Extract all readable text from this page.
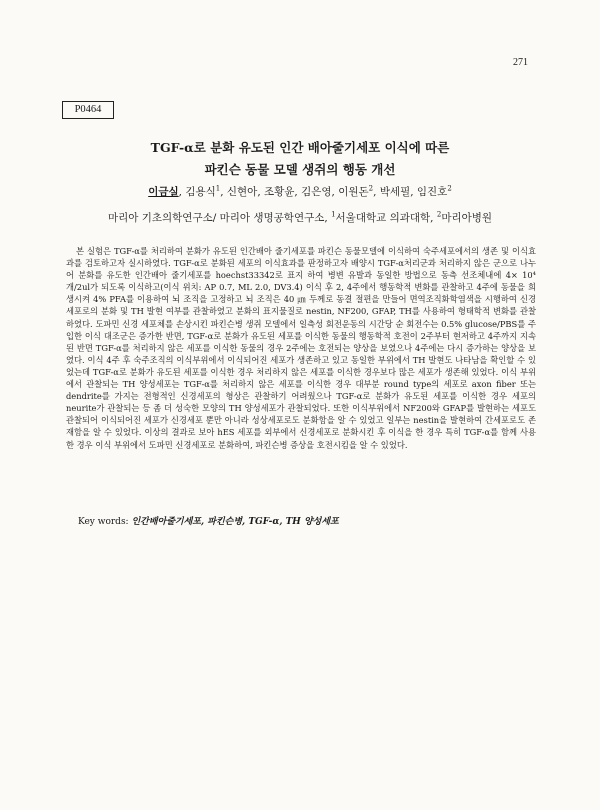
271
P0464
TGF-α로 분화 유도된 인간 배아줄기세포 이식에 따른
파킨슨 동물 모델 생쥐의 행동 개선
이금실, 김용식$^1$, 신현아, 조황윤, 김은영, 이원돈$^2$, 박세필, 임진호$^2$
마리아 기초의학연구소/ 마리아 생명공학연구소, $^1$서울대학교 의과대학, $^2$마리아병원
본 실험은 TGF-α를 처리하여 분화가 유도된 인간배아 줄기세포를 파킨슨 동물모델에 이식하여 숙주세포에서의 생존 및 이식효과를 검토하고자 실시하였다. TGF-α로 분화된 세포의 이식효과를 판정하고자 배양시 TGF-α처리군과 처리하지 않은 군으로 나누어 분화를 유도한 인간배아 줄기세포를 hoechst33342로 표지 하여 병변 유발과 동일한 방법으로 동측 선조체내에 4× 10⁴ 개/2ul가 되도록 이식하고(이식 위치: AP 0.7, ML 2.0, DV3.4) 이식 후 2, 4주에서 행동학적 변화를 관찰하고 4주에 동물을 희생시켜 4% PFA를 이용하여 뇌 조직을 고정하고 뇌 조직은 40 ㎛ 두께로 동결 절편을 만들어 면역조직화학염색을 시행하여 신경세포로의 분화 및 TH 발현 여부를 관찰하였고 분화의 표지물질로 nestin, NF200, GFAP, TH를 사용하여 형태학적 변화를 관찰하였다. 도파민 신경 세포체를 손상시킨 파킨슨병 생쥐 모델에서 일측성 회전운동의 시간당 순 회전수는 0.5% glucose/PBS를 주입한 이식 대조군은 증가한 반면, TGF-α로 분화가 유도된 세포를 이식한 동물의 행동학적 호전이 2주부터 현저하고 4주까지 지속된 반면 TGF-α를 처리하지 않은 세포를 이식한 동물의 경우 2주에는 호전되는 양상을 보였으나 4주에는 다시 증가하는 양상을 보였다. 이식 4주 후 숙주조직의 이식부위에서 이식되어진 세포가 생존하고 있고 동일한 부위에서 TH 발현도 나타남을 확인할 수 있었는데 TGF-α로 분화가 유도된 세포를 이식한 경우 처리하지 않은 세포를 이식한 경우보다 많은 세포가 생존해 있었다. 이식 부위에서 관찰되는 TH 양성세포는 TGF-α를 처리하지 않은 세포를 이식한 경우 대부분 round type의 세포로 axon fiber 또는 dendrite를 가지는 전형적인 신경세포의 형상은 관찰하기 어려웠으나 TGF-α로 분화가 유도된 세포를 이식한 경우 세포의 neurite가 관찰되는 등 좀 더 성숙한 모양의 TH 양성세포가 관찰되었다. 또한 이식부위에서 NF200와 GFAP를 발현하는 세포도 관찰되어 이식되어진 세포가 신경세포 뿐만 아니라 성상세포로도 분화함을 알 수 있었고 일부는 nestin을 발현하여 간세포로도 존재함을 알 수 있었다. 이상의 결과로 보아 hES 세포를 외부에서 신경세포로 분화시킨 후 이식을 한 경우 특히 TGF-α를 함께 사용한 경우 이식 부위에서 도파민 신경세포로 분화하여, 파킨슨병 증상을 호전시킴을 알 수 있었다.
Key words: 인간배아줄기세포, 파킨슨병, TGF-α, TH 양성세포
